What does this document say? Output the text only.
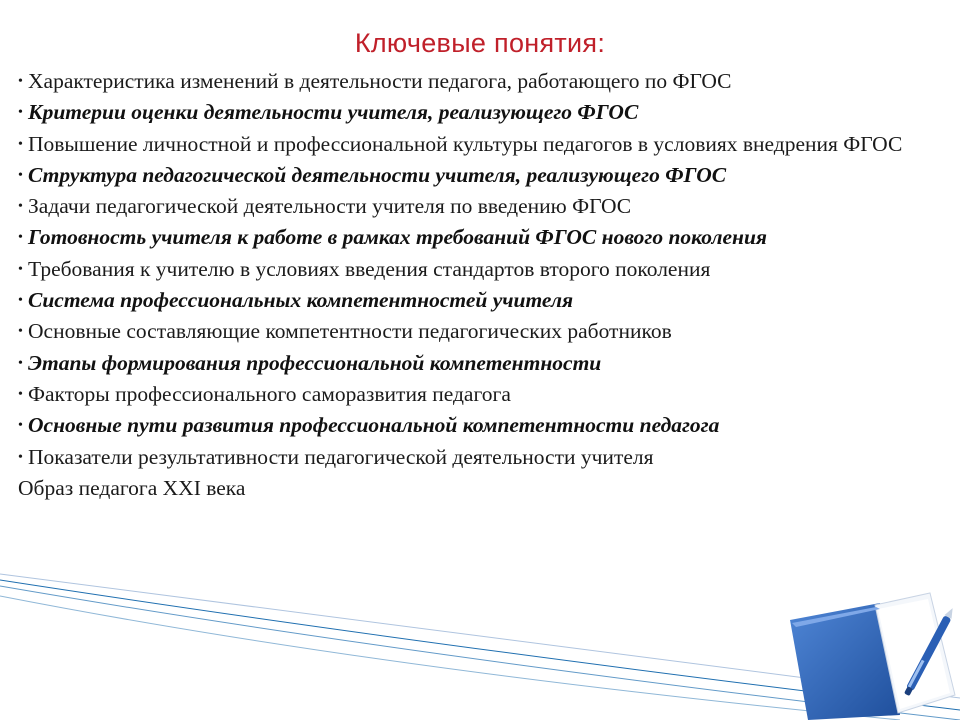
Ключевые понятия:
• Характеристика изменений в деятельности педагога, работающего по ФГОС
• Критерии оценки деятельности учителя, реализующего ФГОС
• Повышение личностной и профессиональной культуры педагогов в условиях внедрения ФГОС
• Структура педагогической деятельности учителя, реализующего ФГОС
• Задачи педагогической деятельности учителя по введению ФГОС
• Готовность учителя к работе в рамках требований ФГОС нового поколения
• Требования к учителю в условиях введения стандартов второго поколения
• Система профессиональных компетентностей учителя
• Основные составляющие компетентности педагогических работников
• Этапы формирования профессиональной компетентности
• Факторы профессионального саморазвития педагога
• Основные пути развития профессиональной компетентности педагога
• Показатели результативности педагогической деятельности учителя
Образ педагога XXI века
